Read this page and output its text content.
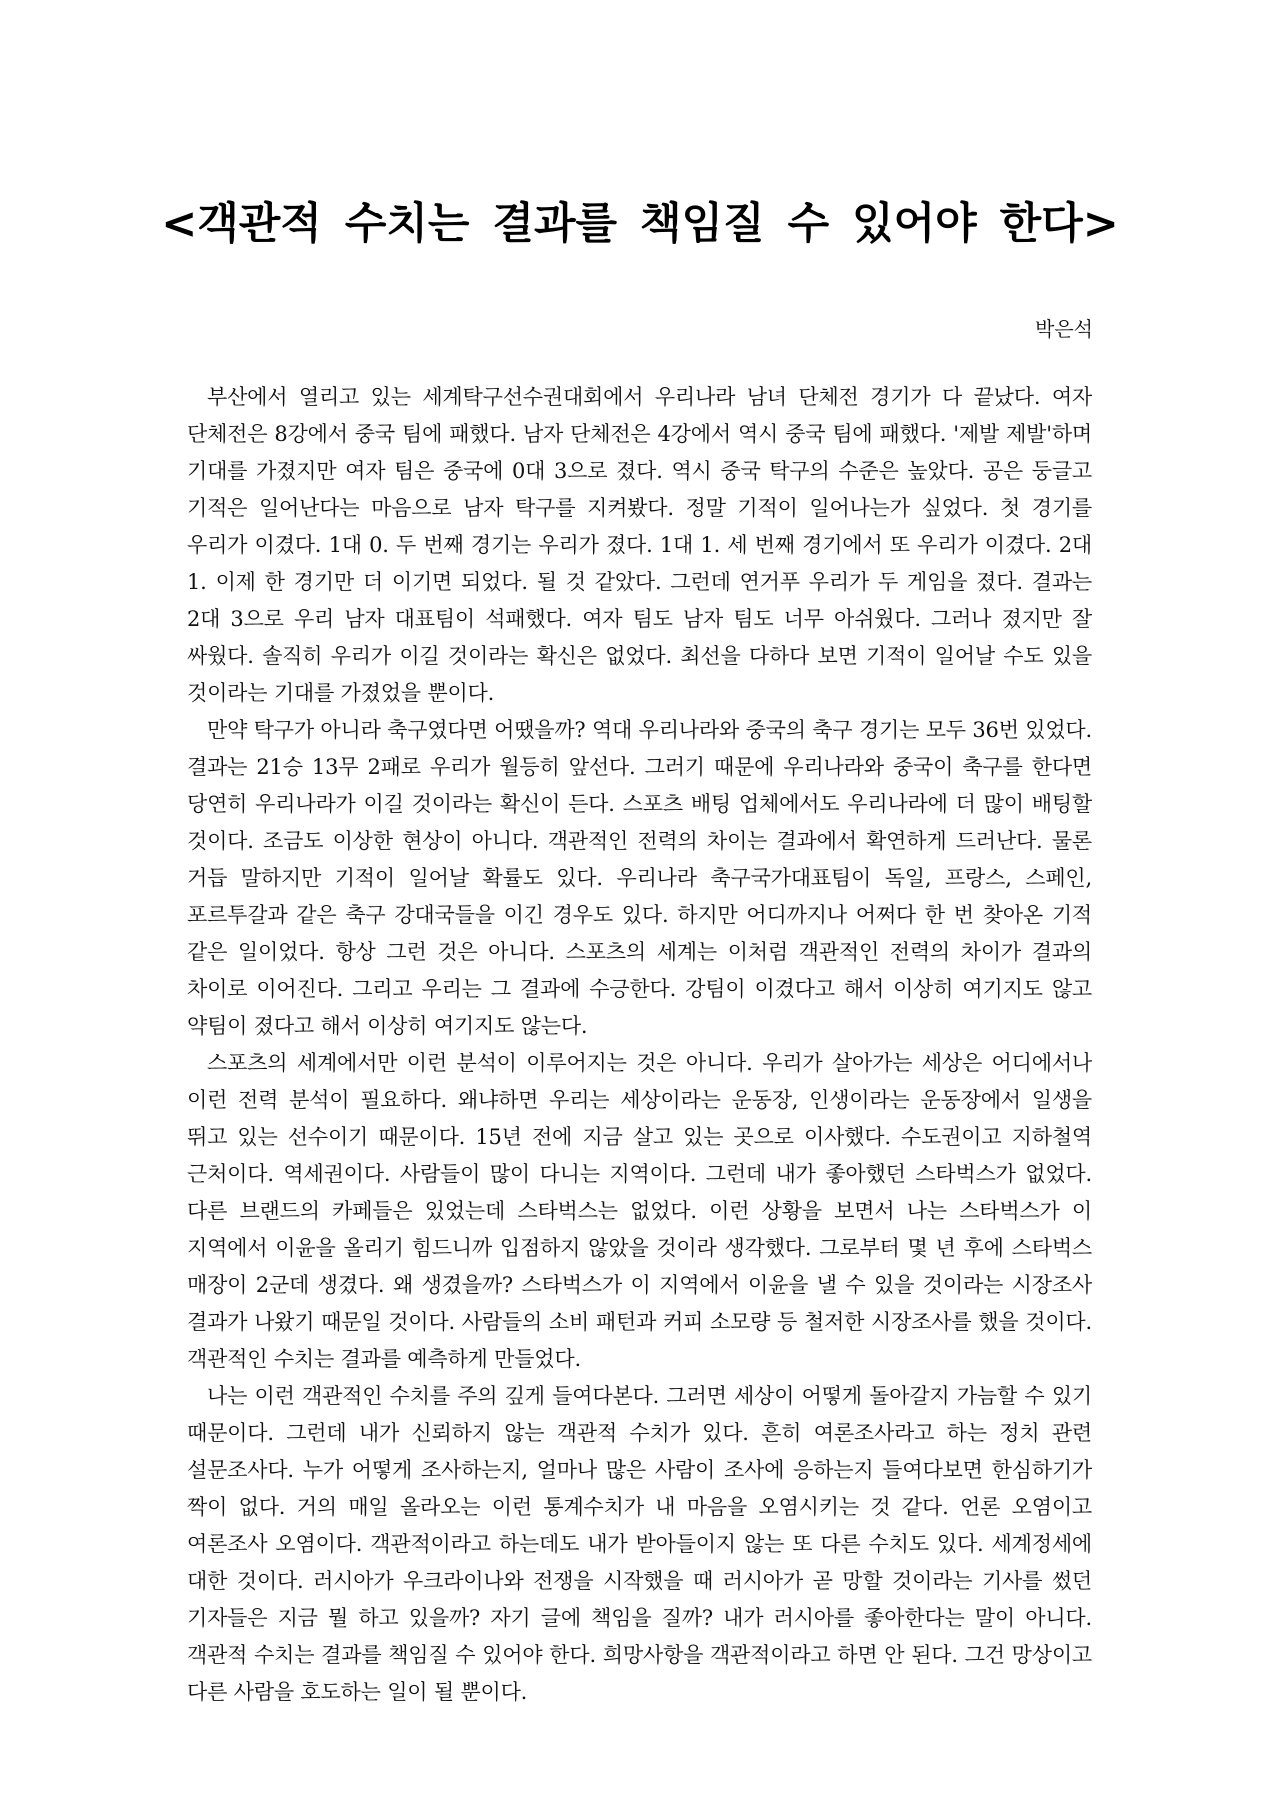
<객관적 수치는 결과를 책임질 수 있어야 한다>
박은석

부산에서 열리고 있는 세계탁구선수권대회에서 우리나라 남녀 단체전 경기가 다 끝났다. 여자 단체전은 8강에서 중국 팀에 패했다. 남자 단체전은 4강에서 역시 중국 팀에 패했다. '제발 제발'하며 기대를 가졌지만 여자 팀은 중국에 0대 3으로 졌다. 역시 중국 탁구의 수준은 높았다. 공은 둥글고 기적은 일어난다는 마음으로 남자 탁구를 지켜봤다. 정말 기적이 일어나는가 싶었다. 첫 경기를 우리가 이겼다. 1대 0. 두 번째 경기는 우리가 졌다. 1대 1. 세 번째 경기에서 또 우리가 이겼다. 2대 1. 이제 한 경기만 더 이기면 되었다. 될 것 같았다. 그런데 연거푸 우리가 두 게임을 졌다. 결과는 2대 3으로 우리 남자 대표팀이 석패했다. 여자 팀도 남자 팀도 너무 아쉬웠다. 그러나 졌지만 잘 싸웠다. 솔직히 우리가 이길 것이라는 확신은 없었다. 최선을 다하다 보면 기적이 일어날 수도 있을 것이라는 기대를 가졌었을 뿐이다.

만약 탁구가 아니라 축구였다면 어땠을까? 역대 우리나라와 중국의 축구 경기는 모두 36번 있었다. 결과는 21승 13무 2패로 우리가 월등히 앞선다. 그러기 때문에 우리나라와 중국이 축구를 한다면 당연히 우리나라가 이길 것이라는 확신이 든다. 스포츠 배팅 업체에서도 우리나라에 더 많이 배팅할 것이다. 조금도 이상한 현상이 아니다. 객관적인 전력의 차이는 결과에서 확연하게 드러난다. 물론 거듭 말하지만 기적이 일어날 확률도 있다. 우리나라 축구국가대표팀이 독일, 프랑스, 스페인, 포르투갈과 같은 축구 강대국들을 이긴 경우도 있다. 하지만 어디까지나 어쩌다 한 번 찾아온 기적 같은 일이었다. 항상 그런 것은 아니다. 스포츠의 세계는 이처럼 객관적인 전력의 차이가 결과의 차이로 이어진다. 그리고 우리는 그 결과에 수긍한다. 강팀이 이겼다고 해서 이상히 여기지도 않고 약팀이 졌다고 해서 이상히 여기지도 않는다.

스포츠의 세계에서만 이런 분석이 이루어지는 것은 아니다. 우리가 살아가는 세상은 어디에서나 이런 전력 분석이 필요하다. 왜냐하면 우리는 세상이라는 운동장, 인생이라는 운동장에서 일생을 뛰고 있는 선수이기 때문이다. 15년 전에 지금 살고 있는 곳으로 이사했다. 수도권이고 지하철역 근처이다. 역세권이다. 사람들이 많이 다니는 지역이다. 그런데 내가 좋아했던 스타벅스가 없었다. 다른 브랜드의 카페들은 있었는데 스타벅스는 없었다. 이런 상황을 보면서 나는 스타벅스가 이 지역에서 이윤을 올리기 힘드니까 입점하지 않았을 것이라 생각했다. 그로부터 몇 년 후에 스타벅스 매장이 2군데 생겼다. 왜 생겼을까? 스타벅스가 이 지역에서 이윤을 낼 수 있을 것이라는 시장조사 결과가 나왔기 때문일 것이다. 사람들의 소비 패턴과 커피 소모량 등 철저한 시장조사를 했을 것이다. 객관적인 수치는 결과를 예측하게 만들었다.

나는 이런 객관적인 수치를 주의 깊게 들여다본다. 그러면 세상이 어떻게 돌아갈지 가늠할 수 있기 때문이다. 그런데 내가 신뢰하지 않는 객관적 수치가 있다. 흔히 여론조사라고 하는 정치 관련 설문조사다. 누가 어떻게 조사하는지, 얼마나 많은 사람이 조사에 응하는지 들여다보면 한심하기가 짝이 없다. 거의 매일 올라오는 이런 통계수치가 내 마음을 오염시키는 것 같다. 언론 오염이고 여론조사 오염이다. 객관적이라고 하는데도 내가 받아들이지 않는 또 다른 수치도 있다. 세계정세에 대한 것이다. 러시아가 우크라이나와 전쟁을 시작했을 때 러시아가 곧 망할 것이라는 기사를 썼던 기자들은 지금 뭘 하고 있을까? 자기 글에 책임을 질까? 내가 러시아를 좋아한다는 말이 아니다. 객관적 수치는 결과를 책임질 수 있어야 한다. 희망사항을 객관적이라고 하면 안 된다. 그건 망상이고 다른 사람을 호도하는 일이 될 뿐이다.
